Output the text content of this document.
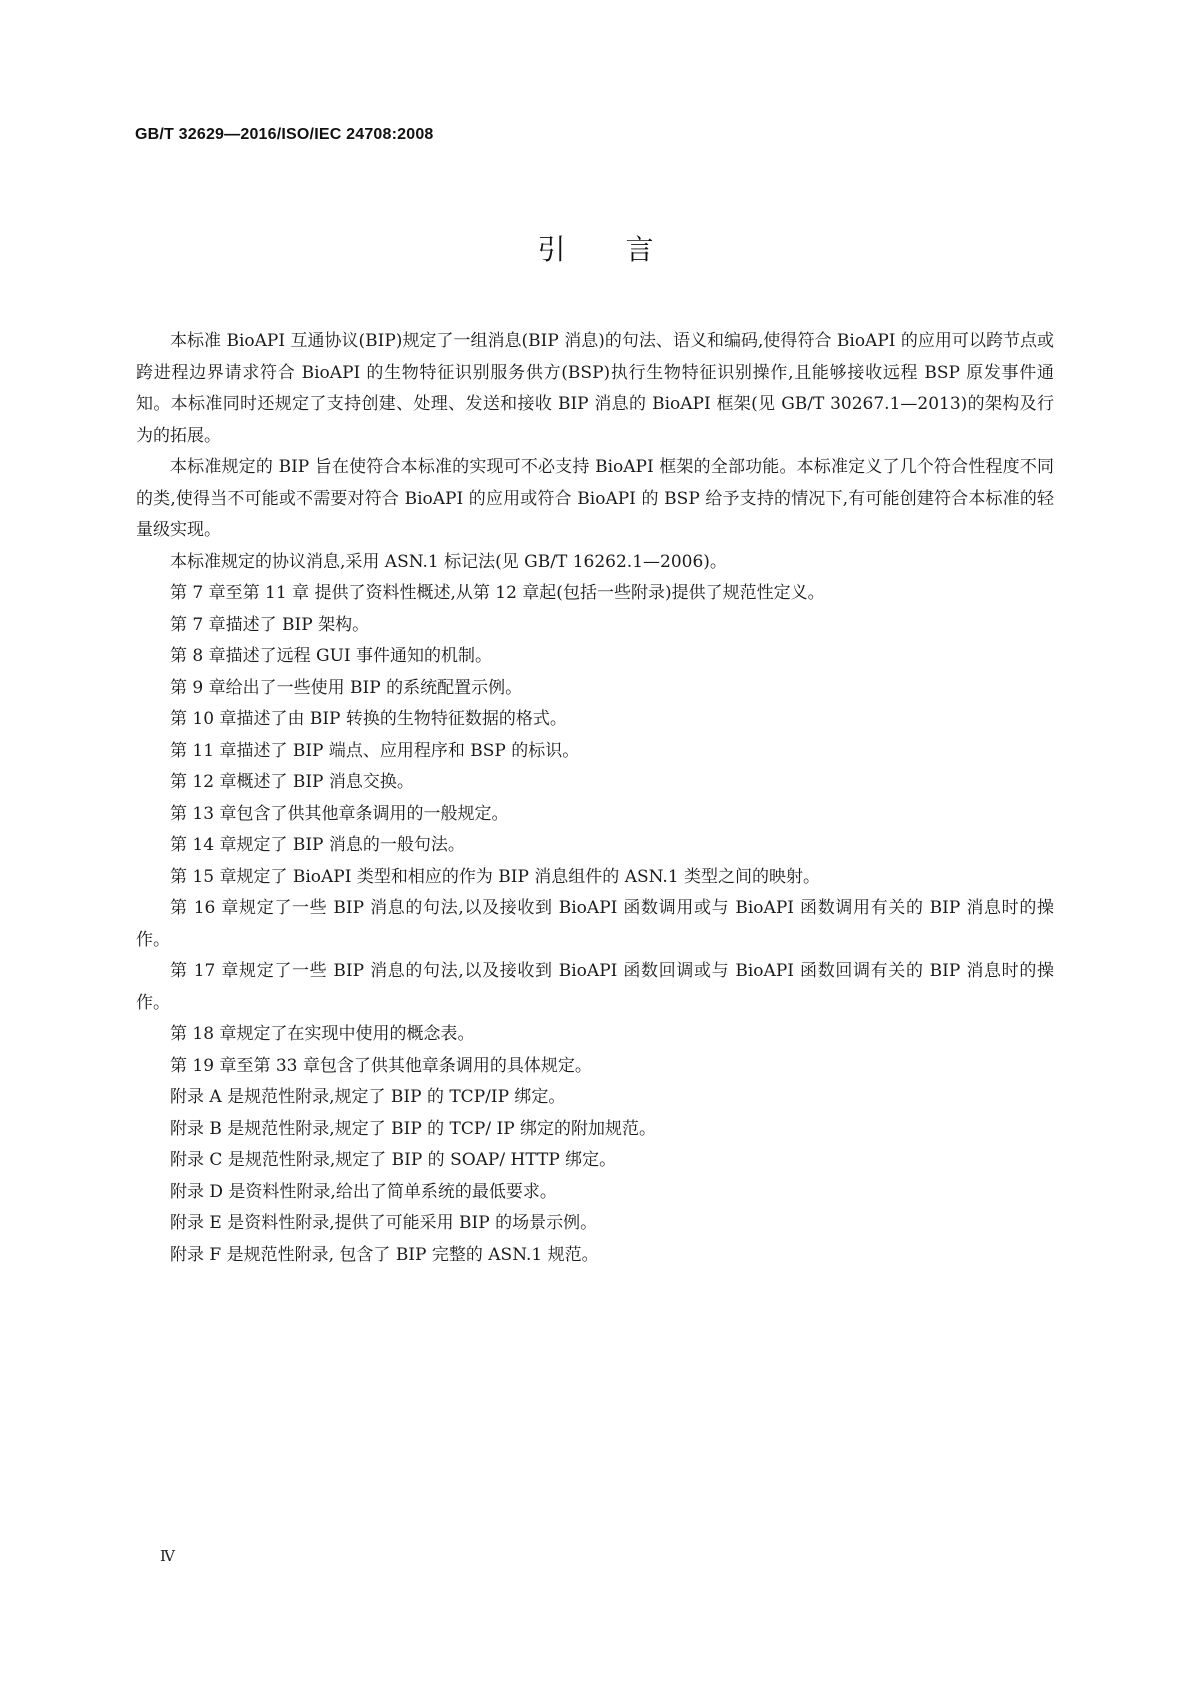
GB/T 32629—2016/ISO/IEC 24708:2008
引言

本标准 BioAPI 互通协议(BIP)规定了一组消息(BIP 消息)的句法、语义和编码,使得符合 BioAPI 的应用可以跨节点或跨进程边界请求符合 BioAPI 的生物特征识别服务供方(BSP)执行生物特征识别操作,且能够接收远程 BSP 原发事件通知。本标准同时还规定了支持创建、处理、发送和接收 BIP 消息的 BioAPI 框架(见 GB/T 30267.1—2013)的架构及行为的拓展。

本标准规定的 BIP 旨在使符合本标准的实现可不必支持 BioAPI 框架的全部功能。本标准定义了几个符合性程度不同的类,使得当不可能或不需要对符合 BioAPI 的应用或符合 BioAPI 的 BSP 给予支持的情况下,有可能创建符合本标准的轻量级实现。

本标准规定的协议消息,采用 ASN.1 标记法(见 GB/T 16262.1—2006)。

第 7 章至第 11 章 提供了资料性概述,从第 12 章起(包括一些附录)提供了规范性定义。

第 7 章描述了 BIP 架构。

第 8 章描述了远程 GUI 事件通知的机制。

第 9 章给出了一些使用 BIP 的系统配置示例。

第 10 章描述了由 BIP 转换的生物特征数据的格式。

第 11 章描述了 BIP 端点、应用程序和 BSP 的标识。

第 12 章概述了 BIP 消息交换。

第 13 章包含了供其他章条调用的一般规定。

第 14 章规定了 BIP 消息的一般句法。

第 15 章规定了 BioAPI 类型和相应的作为 BIP 消息组件的 ASN.1 类型之间的映射。

第 16 章规定了一些 BIP 消息的句法,以及接收到 BioAPI 函数调用或与 BioAPI 函数调用有关的 BIP 消息时的操作。

第 17 章规定了一些 BIP 消息的句法,以及接收到 BioAPI 函数回调或与 BioAPI 函数回调有关的 BIP 消息时的操作。

第 18 章规定了在实现中使用的概念表。

第 19 章至第 33 章包含了供其他章条调用的具体规定。

附录 A 是规范性附录,规定了 BIP 的 TCP/IP 绑定。

附录 B 是规范性附录,规定了 BIP 的 TCP/ IP 绑定的附加规范。

附录 C 是规范性附录,规定了 BIP 的 SOAP/ HTTP 绑定。

附录 D 是资料性附录,给出了简单系统的最低要求。

附录 E 是资料性附录,提供了可能采用 BIP 的场景示例。

附录 F 是规范性附录, 包含了 BIP 完整的 ASN.1 规范。

Ⅳ
